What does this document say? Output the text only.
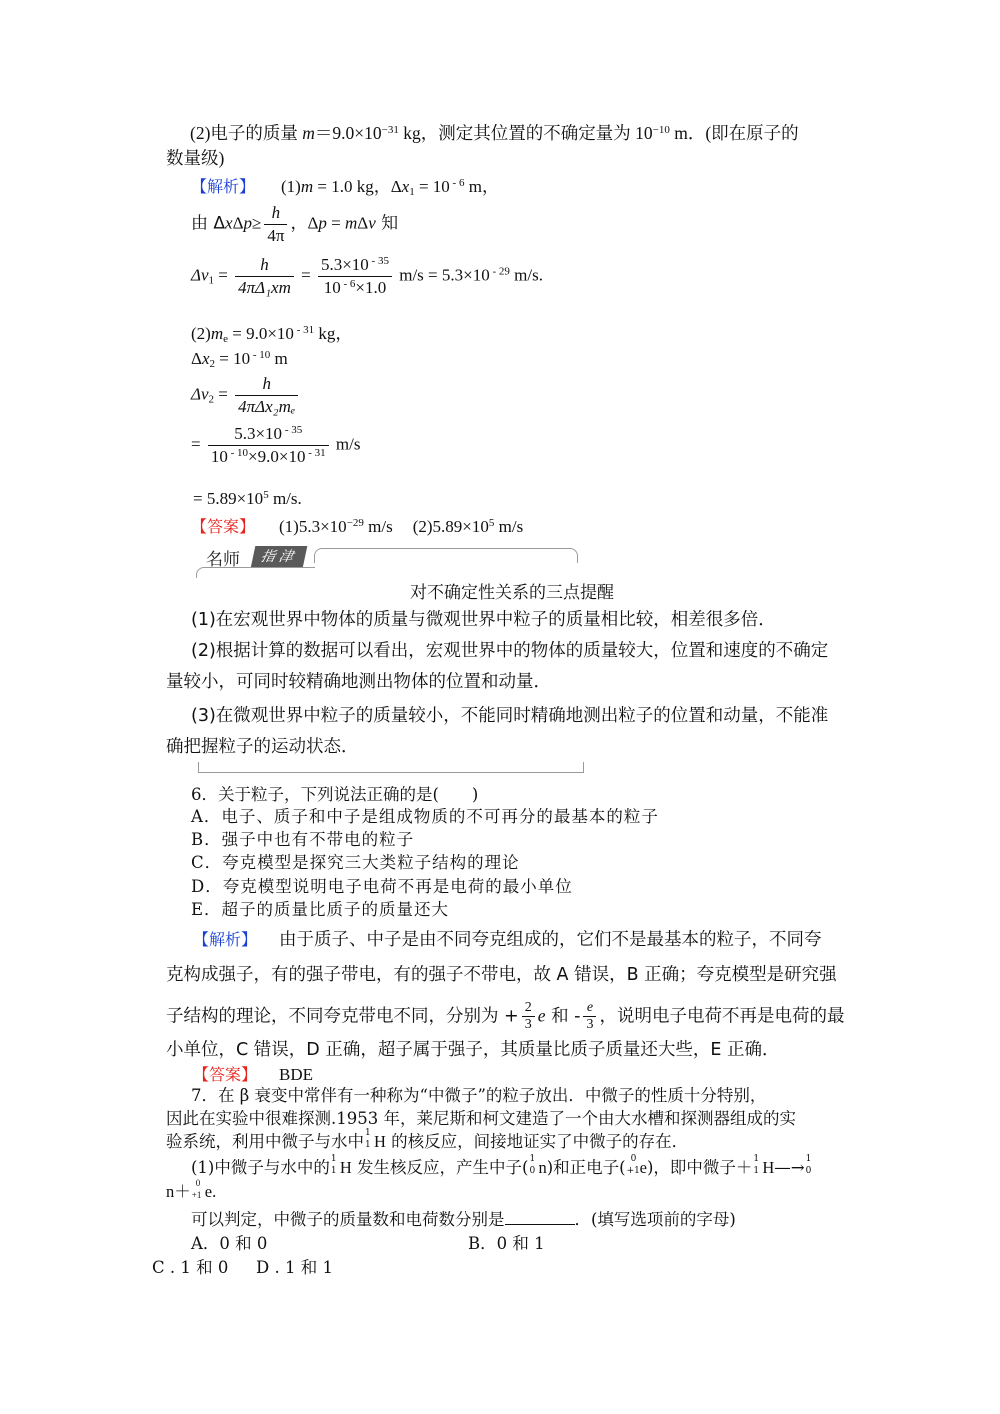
(2)电子的质量 $m=9.0\times 10^{-31}$ kg，测定其位置的不确定量为 $10^{-10}$ m．(即在原子的
数量级)
【解析】 (1)m = 1.0 kg，$\Delta x_1 = 10$ $^{- 6}$ m，
由 $\Delta x\Delta p\ge \frac{h}{4\pi}$ ，Δp = mΔv 知
$\Delta v_1 = \frac{h}{\text{4πΔ₁xm}} = \frac{5.3\times 10 ^{- 35}}{10 ^{- 6}\times 1.0} m/s = 5.3\times 10$ $^{- 29}$ m/s.
$(2)m_e = 9.0\times 10$ $^{- 31}$ kg，
$\Delta x_2 = 10$ $^{- 10}$ m
$\Delta v_2 = \frac{h}{\text{4πΔx₂mₑ}}$
= $\frac{5.3\times 10 ^{- 35}}{10 ^{- 10}\times 9.0\times 10 ^{- 31}} m/s$
= $5.89\times 10^5$ m/s.
【答案】 $(1)5.3\times 10^{-29}$ m/s $(2)5.89\times 10^5$ m/s
名师	指津
对不确定性关系的三点提醒
(1)在宏观世界中物体的质量与微观世界中粒子的质量相比较，相差很多倍．
(2)根据计算的数据可以看出，宏观世界中的物体的质量较大，位置和速度的不确定
量较小，可同时较精确地测出物体的位置和动量．
(3)在微观世界中粒子的质量较小，不能同时精确地测出粒子的位置和动量，不能准
确把握粒子的运动状态．
6．关于粒子，下列说法正确的是(　　)
A．电子、质子和中子是组成物质的不可再分的最基本的粒子
B．强子中也有不带电的粒子
C．夸克模型是探究三大类粒子结构的理论
D．夸克模型说明电子电荷不再是电荷的最小单位
E．超子的质量比质子的质量还大
【解析】 由于质子、中子是由不同夸克组成的，它们不是最基本的粒子，不同夸
克构成强子，有的强子带电，有的强子不带电，故 A 错误，B 正确；夸克模型是研究强
子结构的理论，不同夸克带电不同，分别为 + $\frac{2}{3}$ e 和 - $\frac{e}{3}$ ，说明电子电荷不再是电荷的最
小单位，C 错误，D 正确，超子属于强子，其质量比质子质量还大些，E 正确．
【答案】 BDE
7．在 β 衰变中常伴有一种称为“中微子”的粒子放出．中微子的性质十分特别，
因此在实验中很难探测.1953 年，莱尼斯和柯文建造了一个由大水槽和探测器组成的实
验系统，利用中微子与水中 1
1 H 的核反应，间接地证实了中微子的存在．
(1)中微子与水中的 1
1 H 发生核反应，产生中子( 1
0 n)和正电子( 0
+1 e)，即中微子＋ 1
1 H—→ 1
0
n＋ 0
+1 e.
可以判定，中微子的质量数和电荷数分别是	．(填写选项前的字母)
A．0 和 0	B．0 和 1
C . 1 和 0 D . 1 和 1
